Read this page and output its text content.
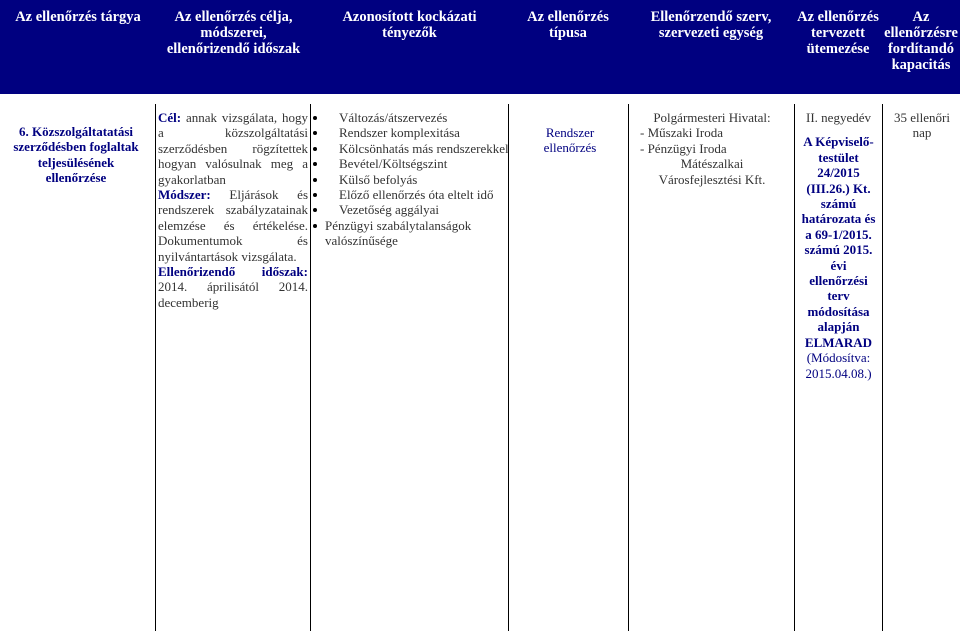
Az ellenőrzés tárgya	Az ellenőrzés célja,
módszerei,
ellenőrizendő időszak
Azonosított kockázati
tényezők
Az ellenőrzés
típusa
Ellenőrzendő szerv,
szervezeti egység
Az ellenőrzés
tervezett
ütemezése
Az
ellenőrzésre
fordítandó
kapacitás
6. Közszolgáltatatási
szerződésben foglaltak
teljesülésének
ellenőrzése
Cél: annak vizsgálata, hogy a közszolgáltatási szerződésben rögzítettek hogyan valósulnak meg a gyakorlatban
Módszer: Eljárások és rendszerek szabályzatainak elemzése és értékelése. Dokumentumok és nyilvántartások vizsgálata.
Ellenőrizendő időszak: 2014. áprilisától 2014. decemberig
Változás/átszervezés
Rendszer komplexitása
Kölcsönhatás más rendszerekkel
Bevétel/Költségszint
Külső befolyás
Előző ellenőrzés óta eltelt idő
Vezetőség aggályai
Pénzügyi szabálytalanságok valószínűsége
Rendszer
ellenőrzés
Polgármesteri Hivatal:
- Műszaki Iroda
- Pénzügyi Iroda
Mátészalkai
Városfejlesztési Kft.
II. negyedév
A Képviselő-
testület
24/2015
(III.26.) Kt.
számú
határozata és
a 69-1/2015.
számú 2015.
évi
ellenőrzési
terv
módosítása
alapján
ELMARAD
(Módosítva:
2015.04.08.)
35 ellenőri
nap
